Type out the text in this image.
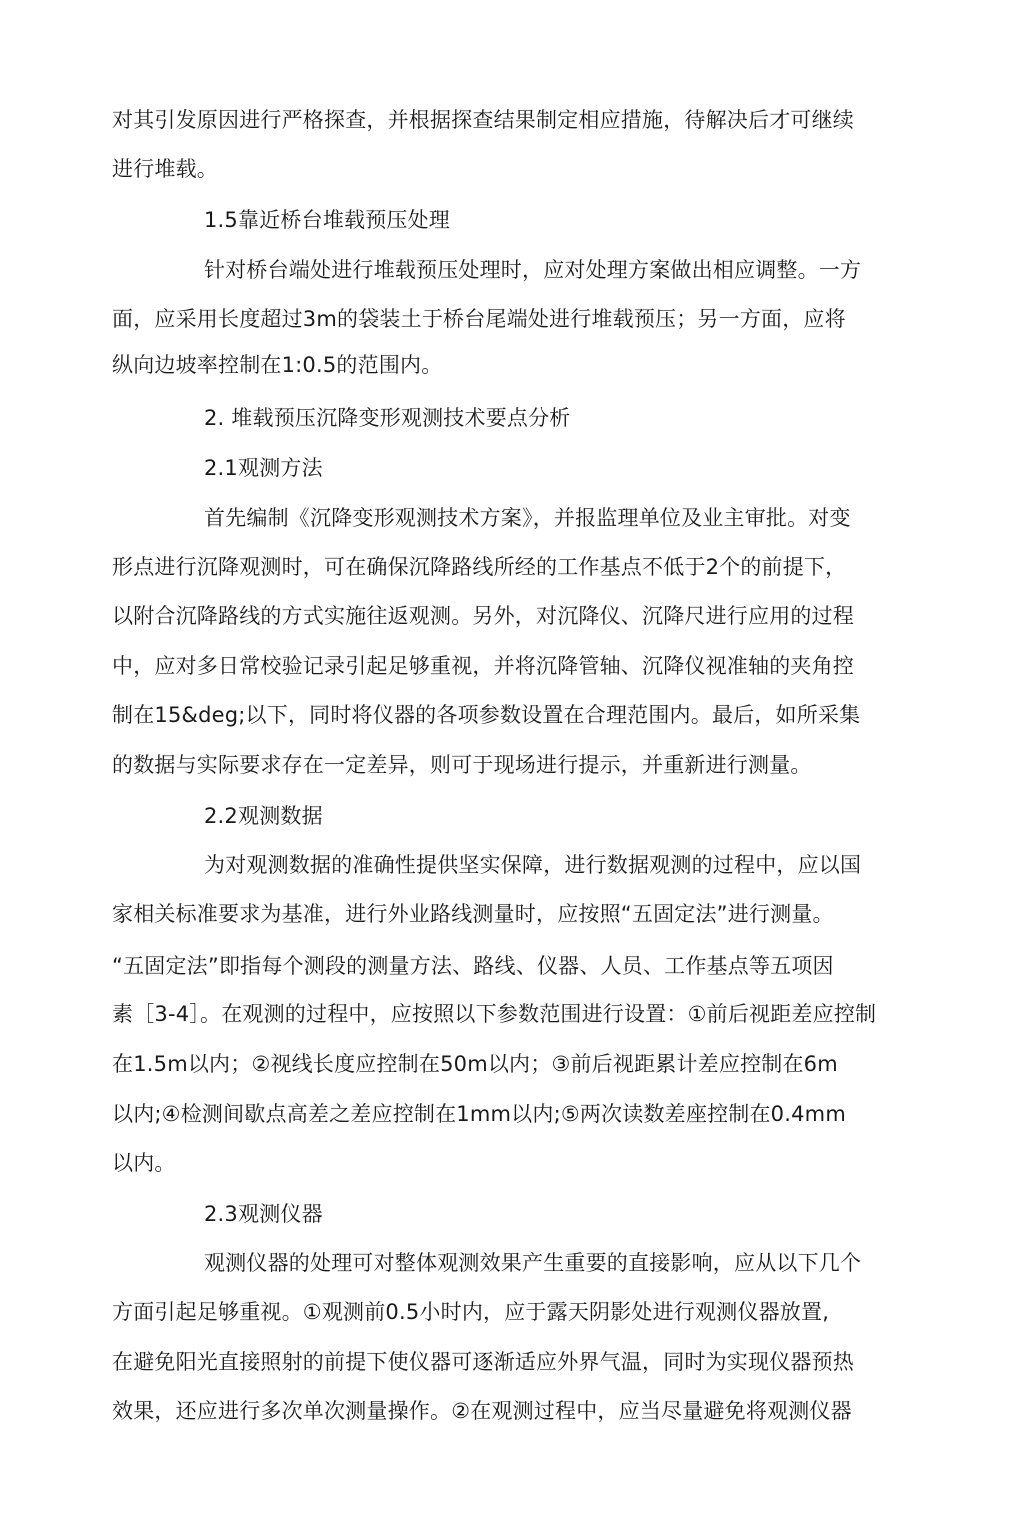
对其引发原因进行严格探查，并根据探查结果制定相应措施，待解决后才可继续
进行堆载。
1.5靠近桥台堆载预压处理
针对桥台端处进行堆载预压处理时，应对处理方案做出相应调整。一方
面，应采用长度超过3m的袋装土于桥台尾端处进行堆载预压；另一方面，应将
纵向边坡率控制在1:0.5的范围内。
2. 堆载预压沉降变形观测技术要点分析
2.1观测方法
首先编制《沉降变形观测技术方案》，并报监理单位及业主审批。对变
形点进行沉降观测时，可在确保沉降路线所经的工作基点不低于2个的前提下，
以附合沉降路线的方式实施往返观测。另外，对沉降仪、沉降尺进行应用的过程
中，应对多日常校验记录引起足够重视，并将沉降管轴、沉降仪视准轴的夹角控
制在15&deg;以下，同时将仪器的各项参数设置在合理范围内。最后，如所采集
的数据与实际要求存在一定差异，则可于现场进行提示，并重新进行测量。
2.2观测数据
为对观测数据的准确性提供坚实保障，进行数据观测的过程中，应以国
家相关标准要求为基准，进行外业路线测量时，应按照“五固定法”进行测量。
“五固定法”即指每个测段的测量方法、路线、仪器、人员、工作基点等五项因
素［3-4］。在观测的过程中，应按照以下参数范围进行设置：①前后视距差应控制
在1.5m以内；②视线长度应控制在50m以内；③前后视距累计差应控制在6m
以内;④检测间歇点高差之差应控制在1mm以内;⑤两次读数差座控制在0.4mm
以内。
2.3观测仪器
观测仪器的处理可对整体观测效果产生重要的直接影响，应从以下几个
方面引起足够重视。①观测前0.5小时内，应于露天阴影处进行观测仪器放置,
在避免阳光直接照射的前提下使仪器可逐渐适应外界气温，同时为实现仪器预热
效果，还应进行多次单次测量操作。②在观测过程中，应当尽量避免将观测仪器
